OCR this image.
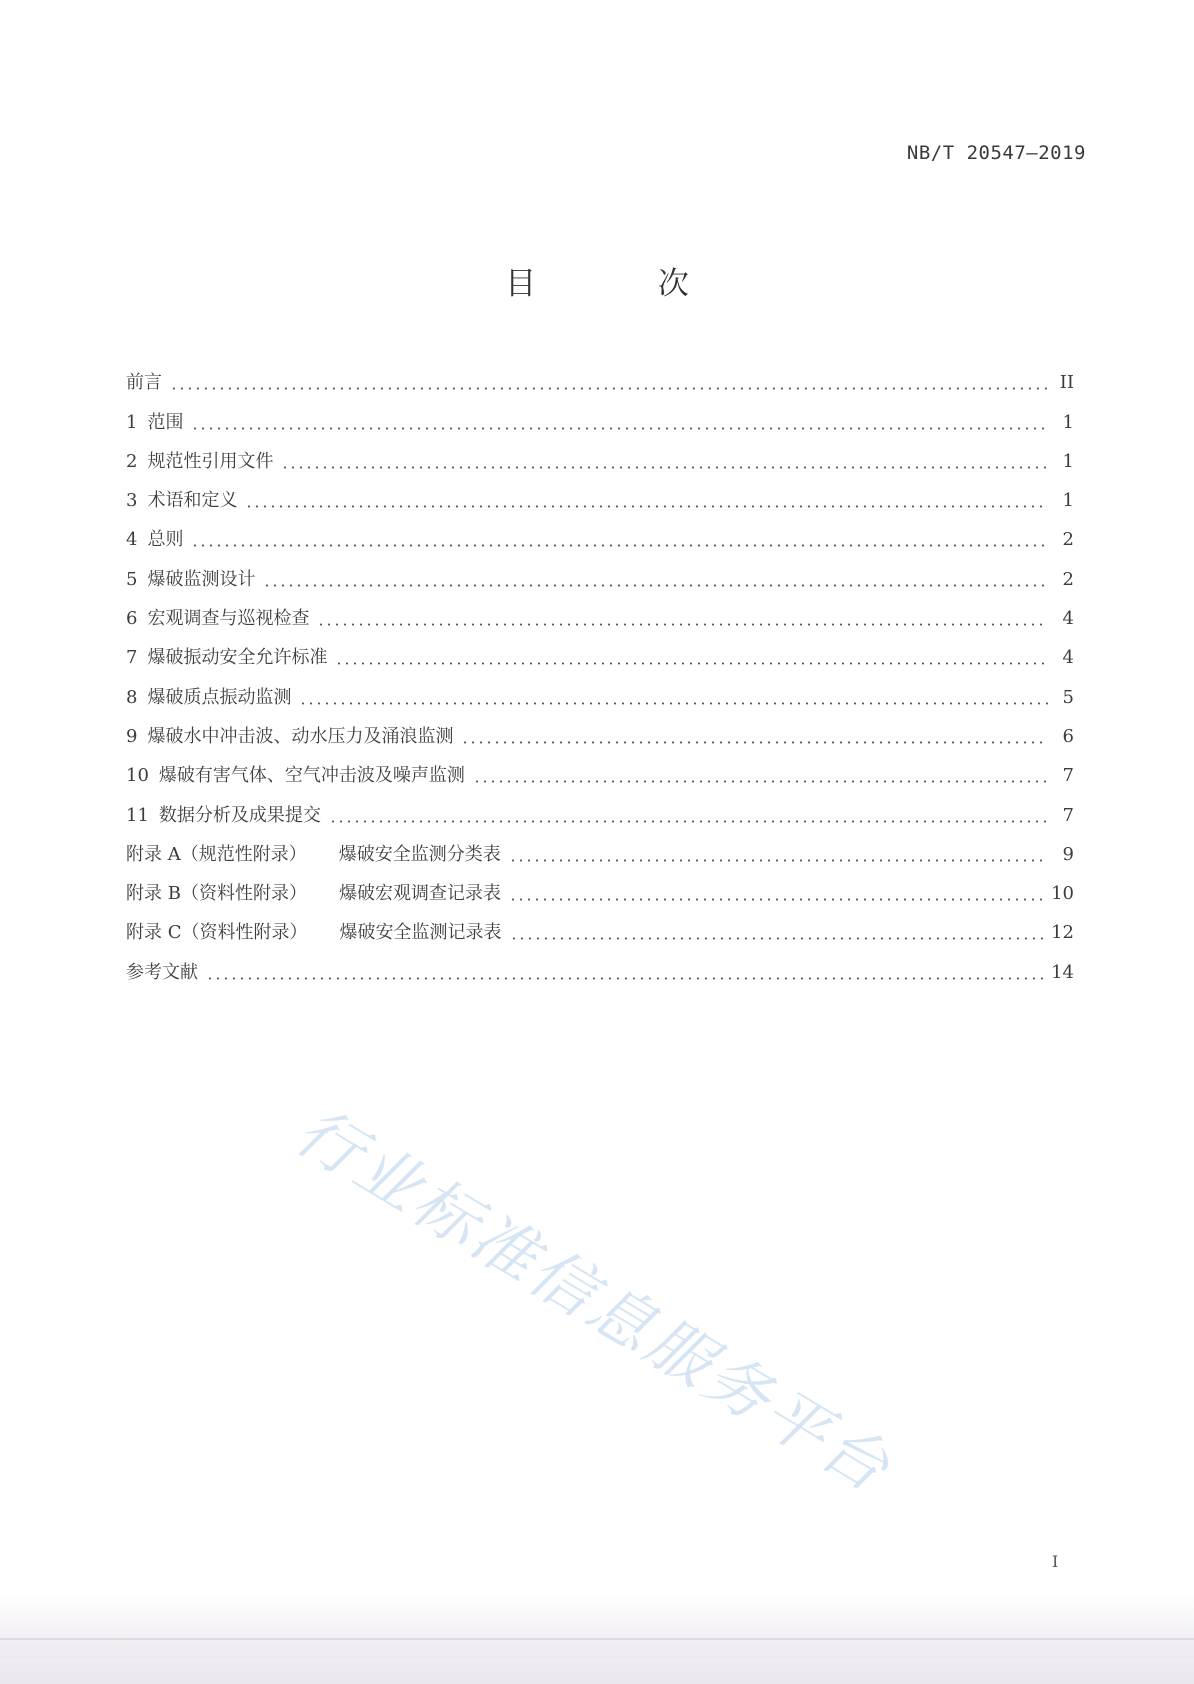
NB/T 20547—2019
目 次
前言	II
1 范围	1
2 规范性引用文件	1
3 术语和定义	1
4 总则	2
5 爆破监测设计	2
6 宏观调查与巡视检查	4
7 爆破振动安全允许标准	4
8 爆破质点振动监测	5
9 爆破水中冲击波、动水压力及涌浪监测	6
10 爆破有害气体、空气冲击波及噪声监测	7
11 数据分析及成果提交	7
附录 A（规范性附录） 爆破安全监测分类表	9
附录 B（资料性附录） 爆破宏观调查记录表	10
附录 C（资料性附录） 爆破安全监测记录表	12
参考文献	14
行业标准信息服务平台
I
